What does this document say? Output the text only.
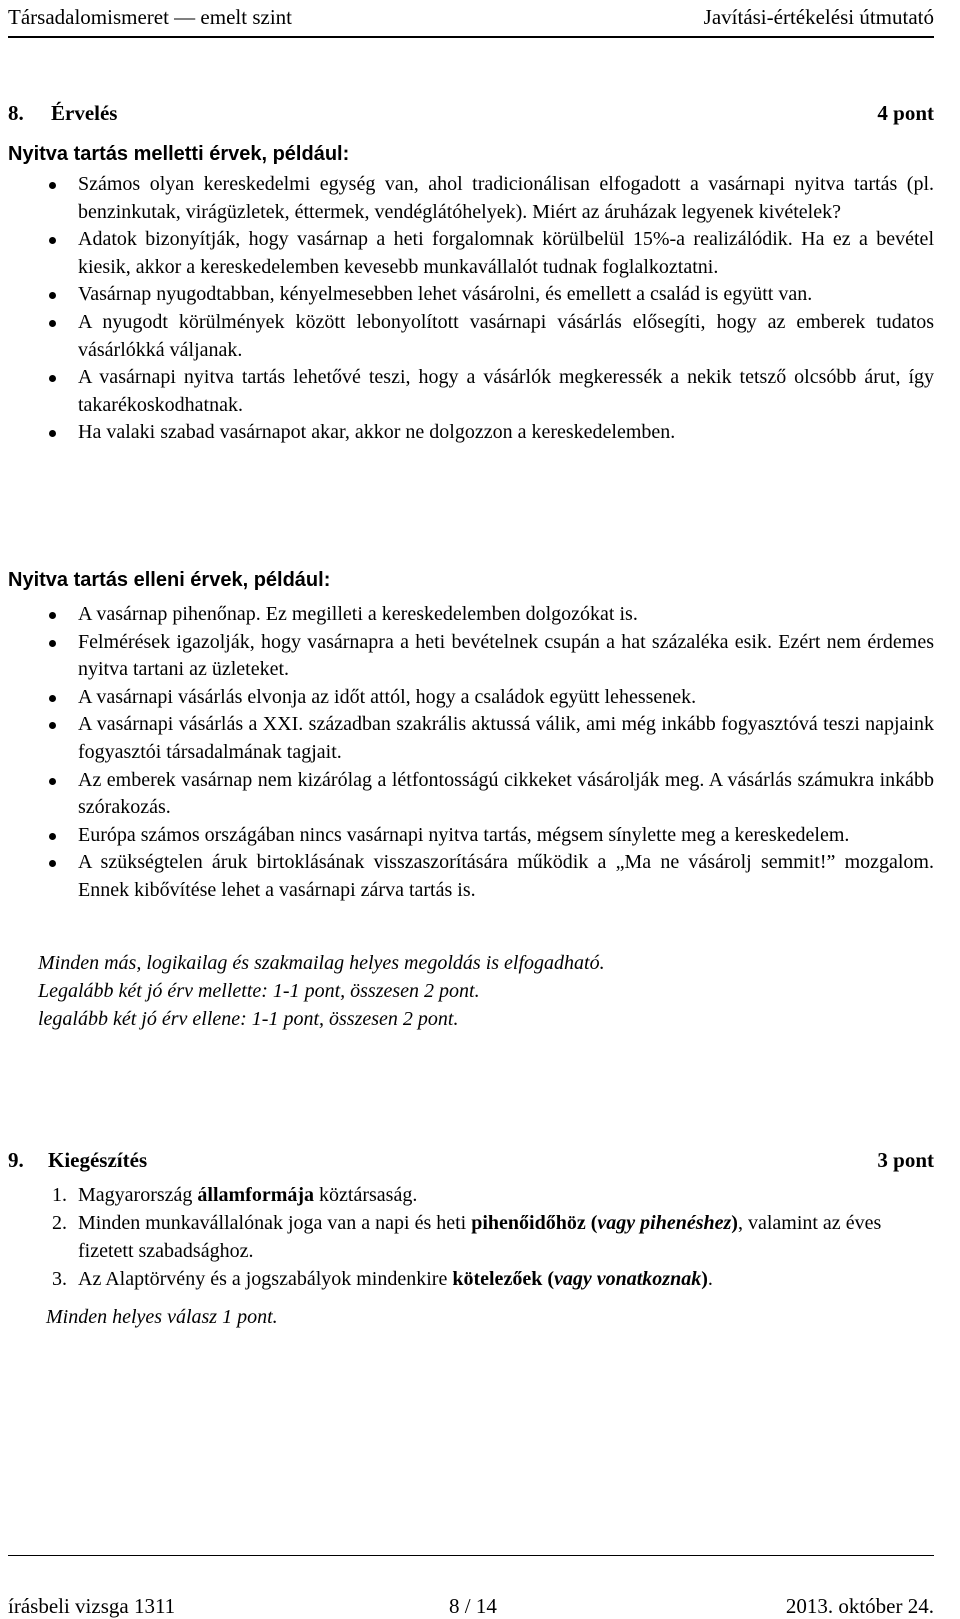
Társadalomismeret — emelt szint	Javítási-értékelési útmutató
8. Érvelés	4 pont
Nyitva tartás melletti érvek, például:
Számos olyan kereskedelmi egység van, ahol tradicionálisan elfogadott a vasárnapi nyitva tartás (pl. benzinkutak, virágüzletek, éttermek, vendéglátóhelyek). Miért az áruházak legyenek kivételek?
Adatok bizonyítják, hogy vasárnap a heti forgalomnak körülbelül 15%-a realizálódik. Ha ez a bevétel kiesik, akkor a kereskedelemben kevesebb munkavállalót tudnak foglalkoztatni.
Vasárnap nyugodtabban, kényelmesebben lehet vásárolni, és emellett a család is együtt van.
A nyugodt körülmények között lebonyolított vasárnapi vásárlás elősegíti, hogy az emberek tudatos vásárlókká váljanak.
A vasárnapi nyitva tartás lehetővé teszi, hogy a vásárlók megkeressék a nekik tetsző olcsóbb árut, így takarékoskodhatnak.
Ha valaki szabad vasárnapot akar, akkor ne dolgozzon a kereskedelemben.
Nyitva tartás elleni érvek, például:
A vasárnap pihenőnap. Ez megilleti a kereskedelemben dolgozókat is.
Felmérések igazolják, hogy vasárnapra a heti bevételnek csupán a hat százaléka esik. Ezért nem érdemes nyitva tartani az üzleteket.
A vasárnapi vásárlás elvonja az időt attól, hogy a családok együtt lehessenek.
A vasárnapi vásárlás a XXI. században szakrális aktussá válik, ami még inkább fogyasztóvá teszi napjaink fogyasztói társadalmának tagjait.
Az emberek vasárnap nem kizárólag a létfontosságú cikkeket vásárolják meg. A vásárlás számukra inkább szórakozás.
Európa számos országában nincs vasárnapi nyitva tartás, mégsem sínylette meg a kereskedelem.
A szükségtelen áruk birtoklásának visszaszorítására működik a „Ma ne vásárolj semmit!” mozgalom. Ennek kibővítése lehet a vasárnapi zárva tartás is.
Minden más, logikailag és szakmailag helyes megoldás is elfogadható.
Legalább két jó érv mellette: 1-1 pont, összesen 2 pont.
legalább két jó érv ellene: 1-1 pont, összesen 2 pont.
9. Kiegészítés	3 pont
1. Magyarország államformája köztársaság.
2. Minden munkavállalónak joga van a napi és heti pihenőidőhöz (vagy pihenéshez), valamint az éves fizetett szabadsághoz.
3. Az Alaptörvény és a jogszabályok mindenkire kötelezőek (vagy vonatkoznak).
Minden helyes válasz 1 pont.
írásbeli vizsga 1311	8 / 14	2013. október 24.
